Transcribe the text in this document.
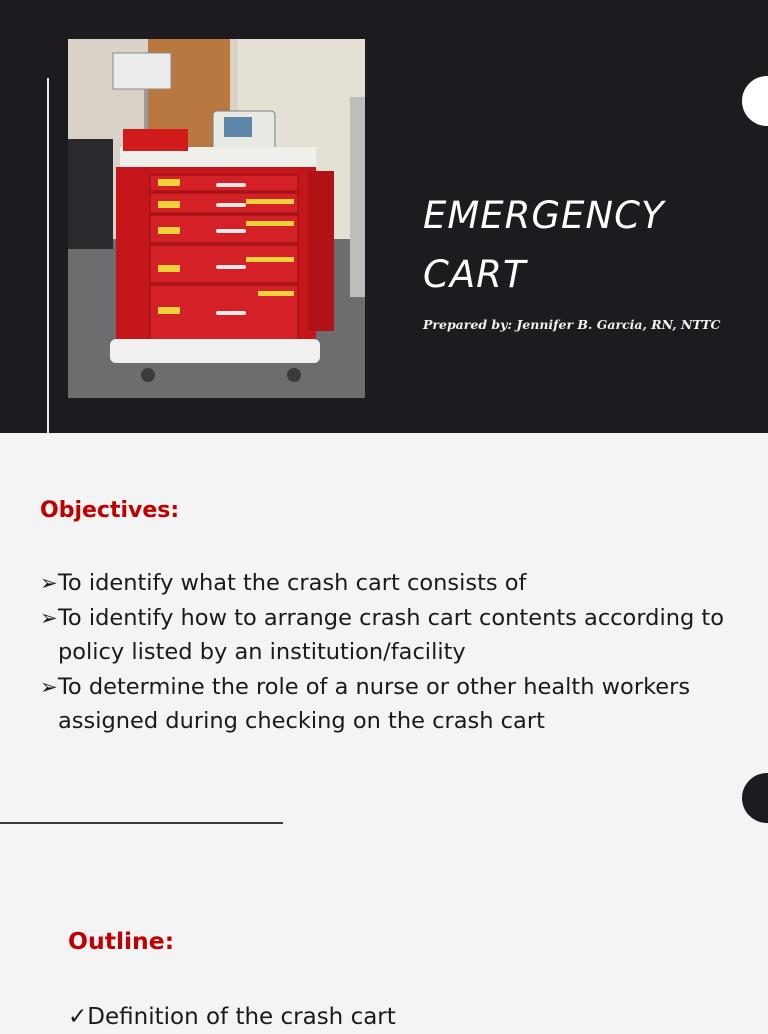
EMERGENCY
CART
Prepared by: Jennifer B. Garcia, RN, NTTC
Objectives:
➢ To identify what the crash cart consists of
➢ To identify how to arrange crash cart contents according to policy listed by an institution/facility
➢ To determine the role of a nurse or other health workers assigned during checking on the crash cart
Outline:
✓Definition of the crash cart
